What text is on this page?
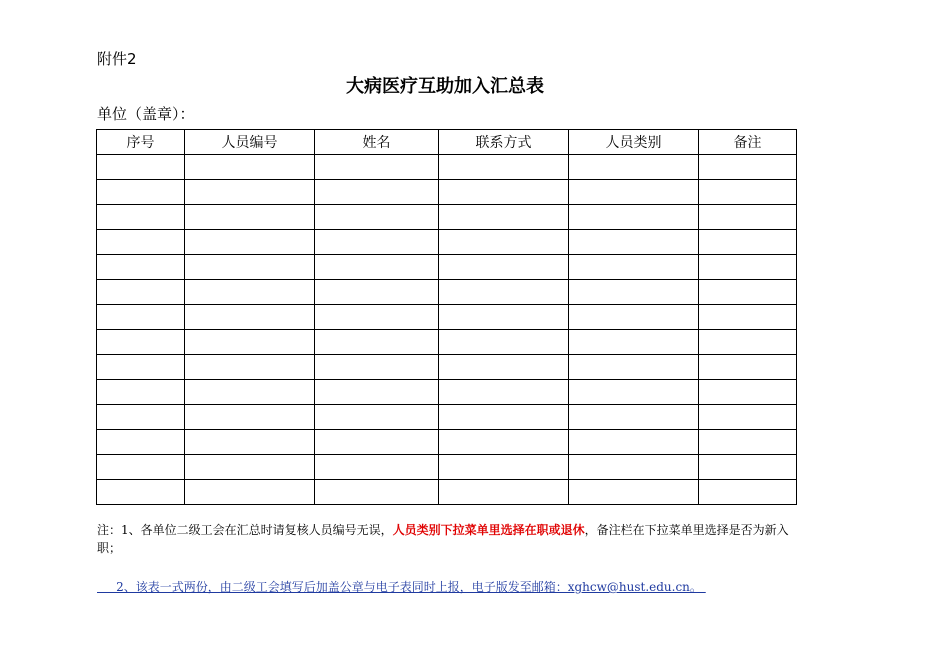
附件2
大病医疗互助加入汇总表
单位（盖章）：
序号	人员编号	姓名	联系方式	人员类别	备注

注：1、各单位二级工会在汇总时请复核人员编号无误，人员类别下拉菜单里选择在职或退休，备注栏在下拉菜单里选择是否为新入职；
2、该表一式两份，由二级工会填写后加盖公章与电子表同时上报，电子版发至邮箱：xghcw@hust.edu.cn。
